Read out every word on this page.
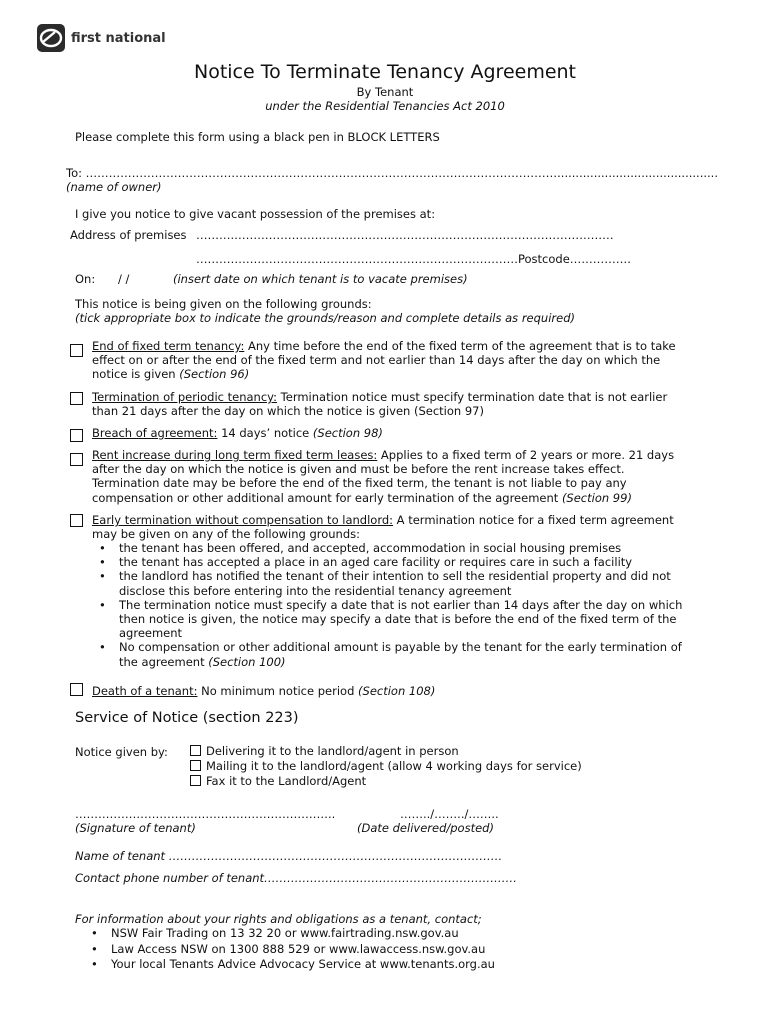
first national
Notice To Terminate Tenancy Agreement
By Tenant
under the Residential Tenancies Act 2010
Please complete this form using a black pen in BLOCK LETTERS
To: ……………………………………………………………………………………………………………............................................
(name of owner)
I give you notice to give vacant possession of the premises at:
Address of premises ……….………………………………………………………………………………………
…………………………………………………………………………Postcode…………….
On: / /	(insert date on which tenant is to vacate premises)
This notice is being given on the following grounds:
(tick appropriate box to indicate the grounds/reason and complete details as required)
End of fixed term tenancy: Any time before the end of the fixed term of the agreement that is to take effect on or after the end of the fixed term and not earlier than 14 days after the day on which the notice is given (Section 96)
Termination of periodic tenancy: Termination notice must specify termination date that is not earlier than 21 days after the day on which the notice is given (Section 97)
Breach of agreement: 14 days’ notice (Section 98)
Rent increase during long term fixed term leases: Applies to a fixed term of 2 years or more. 21 days after the day on which the notice is given and must be before the rent increase takes effect. Termination date may be before the end of the fixed term, the tenant is not liable to pay any compensation or other additional amount for early termination of the agreement (Section 99)
Early termination without compensation to landlord: A termination notice for a fixed term agreement may be given on any of the following grounds:
• the tenant has been offered, and accepted, accommodation in social housing premises
• the tenant has accepted a place in an aged care facility or requires care in such a facility
• the landlord has notified the tenant of their intention to sell the residential property and did not disclose this before entering into the residential tenancy agreement
• The termination notice must specify a date that is not earlier than 14 days after the day on which then notice is given, the notice may specify a date that is before the end of the fixed term of the agreement
• No compensation or other additional amount is payable by the tenant for the early termination of the agreement (Section 100)
Death of a tenant: No minimum notice period (Section 108)
Service of Notice (section 223)
Notice given by:	Delivering it to the landlord/agent in person
Mailing it to the landlord/agent (allow 4 working days for service)
Fax it to the Landlord/Agent
…………………………………………………………..	……../……../……..
(Signature of tenant)	(Date delivered/posted)
Name of tenant ……………………………………………………………………………
Contact phone number of tenant…………………………………………………………
For information about your rights and obligations as a tenant, contact;
• NSW Fair Trading on 13 32 20 or www.fairtrading.nsw.gov.au
• Law Access NSW on 1300 888 529 or www.lawaccess.nsw.gov.au
• Your local Tenants Advice Advocacy Service at www.tenants.org.au
